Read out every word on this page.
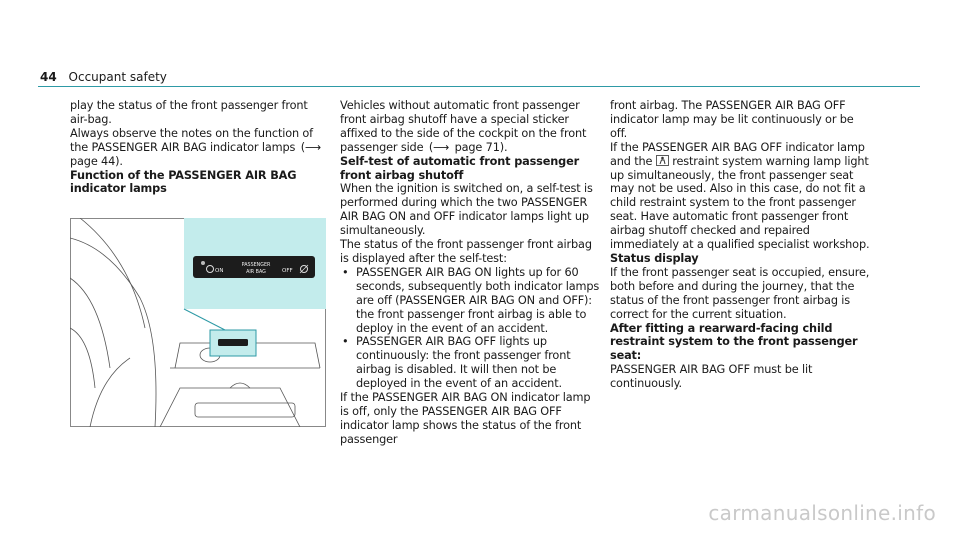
44 Occupant safety

play the status of the front passenger front air-bag.

Always observe the notes on the function of the PASSENGER AIR BAG indicator lamps (⟶ page 44).

Function of the PASSENGER AIR BAG indicator lamps
ON
PASSENGER
AIR BAG	OFF

Vehicles without automatic front passenger front airbag shutoff have a special sticker affixed to the side of the cockpit on the front passenger side (⟶ page 71).

Self-test of automatic front passenger front airbag shutoff

When the ignition is switched on, a self-test is performed during which the two PASSENGER AIR BAG ON and OFF indicator lamps light up simultaneously.

The status of the front passenger front airbag is displayed after the self-test:

• PASSENGER AIR BAG ON lights up for 60 seconds, subsequently both indicator lamps are off (PASSENGER AIR BAG ON and OFF): the front passenger front airbag is able to deploy in the event of an accident.
• PASSENGER AIR BAG OFF lights up continuously: the front passenger front airbag is disabled. It will then not be deployed in the event of an accident.

If the PASSENGER AIR BAG ON indicator lamp is off, only the PASSENGER AIR BAG OFF indicator lamp shows the status of the front passenger

front airbag. The PASSENGER AIR BAG OFF indicator lamp may be lit continuously or be off.

If the PASSENGER AIR BAG OFF indicator lamp and the restraint system warning lamp light up simultaneously, the front passenger seat may not be used. Also in this case, do not fit a child restraint system to the front passenger seat. Have automatic front passenger front airbag shutoff checked and repaired immediately at a qualified specialist workshop.

Status display

If the front passenger seat is occupied, ensure, both before and during the journey, that the status of the front passenger front airbag is correct for the current situation.

After fitting a rearward-facing child restraint system to the front passenger seat:

PASSENGER AIR BAG OFF must be lit continuously.

carmanualsonline.info
